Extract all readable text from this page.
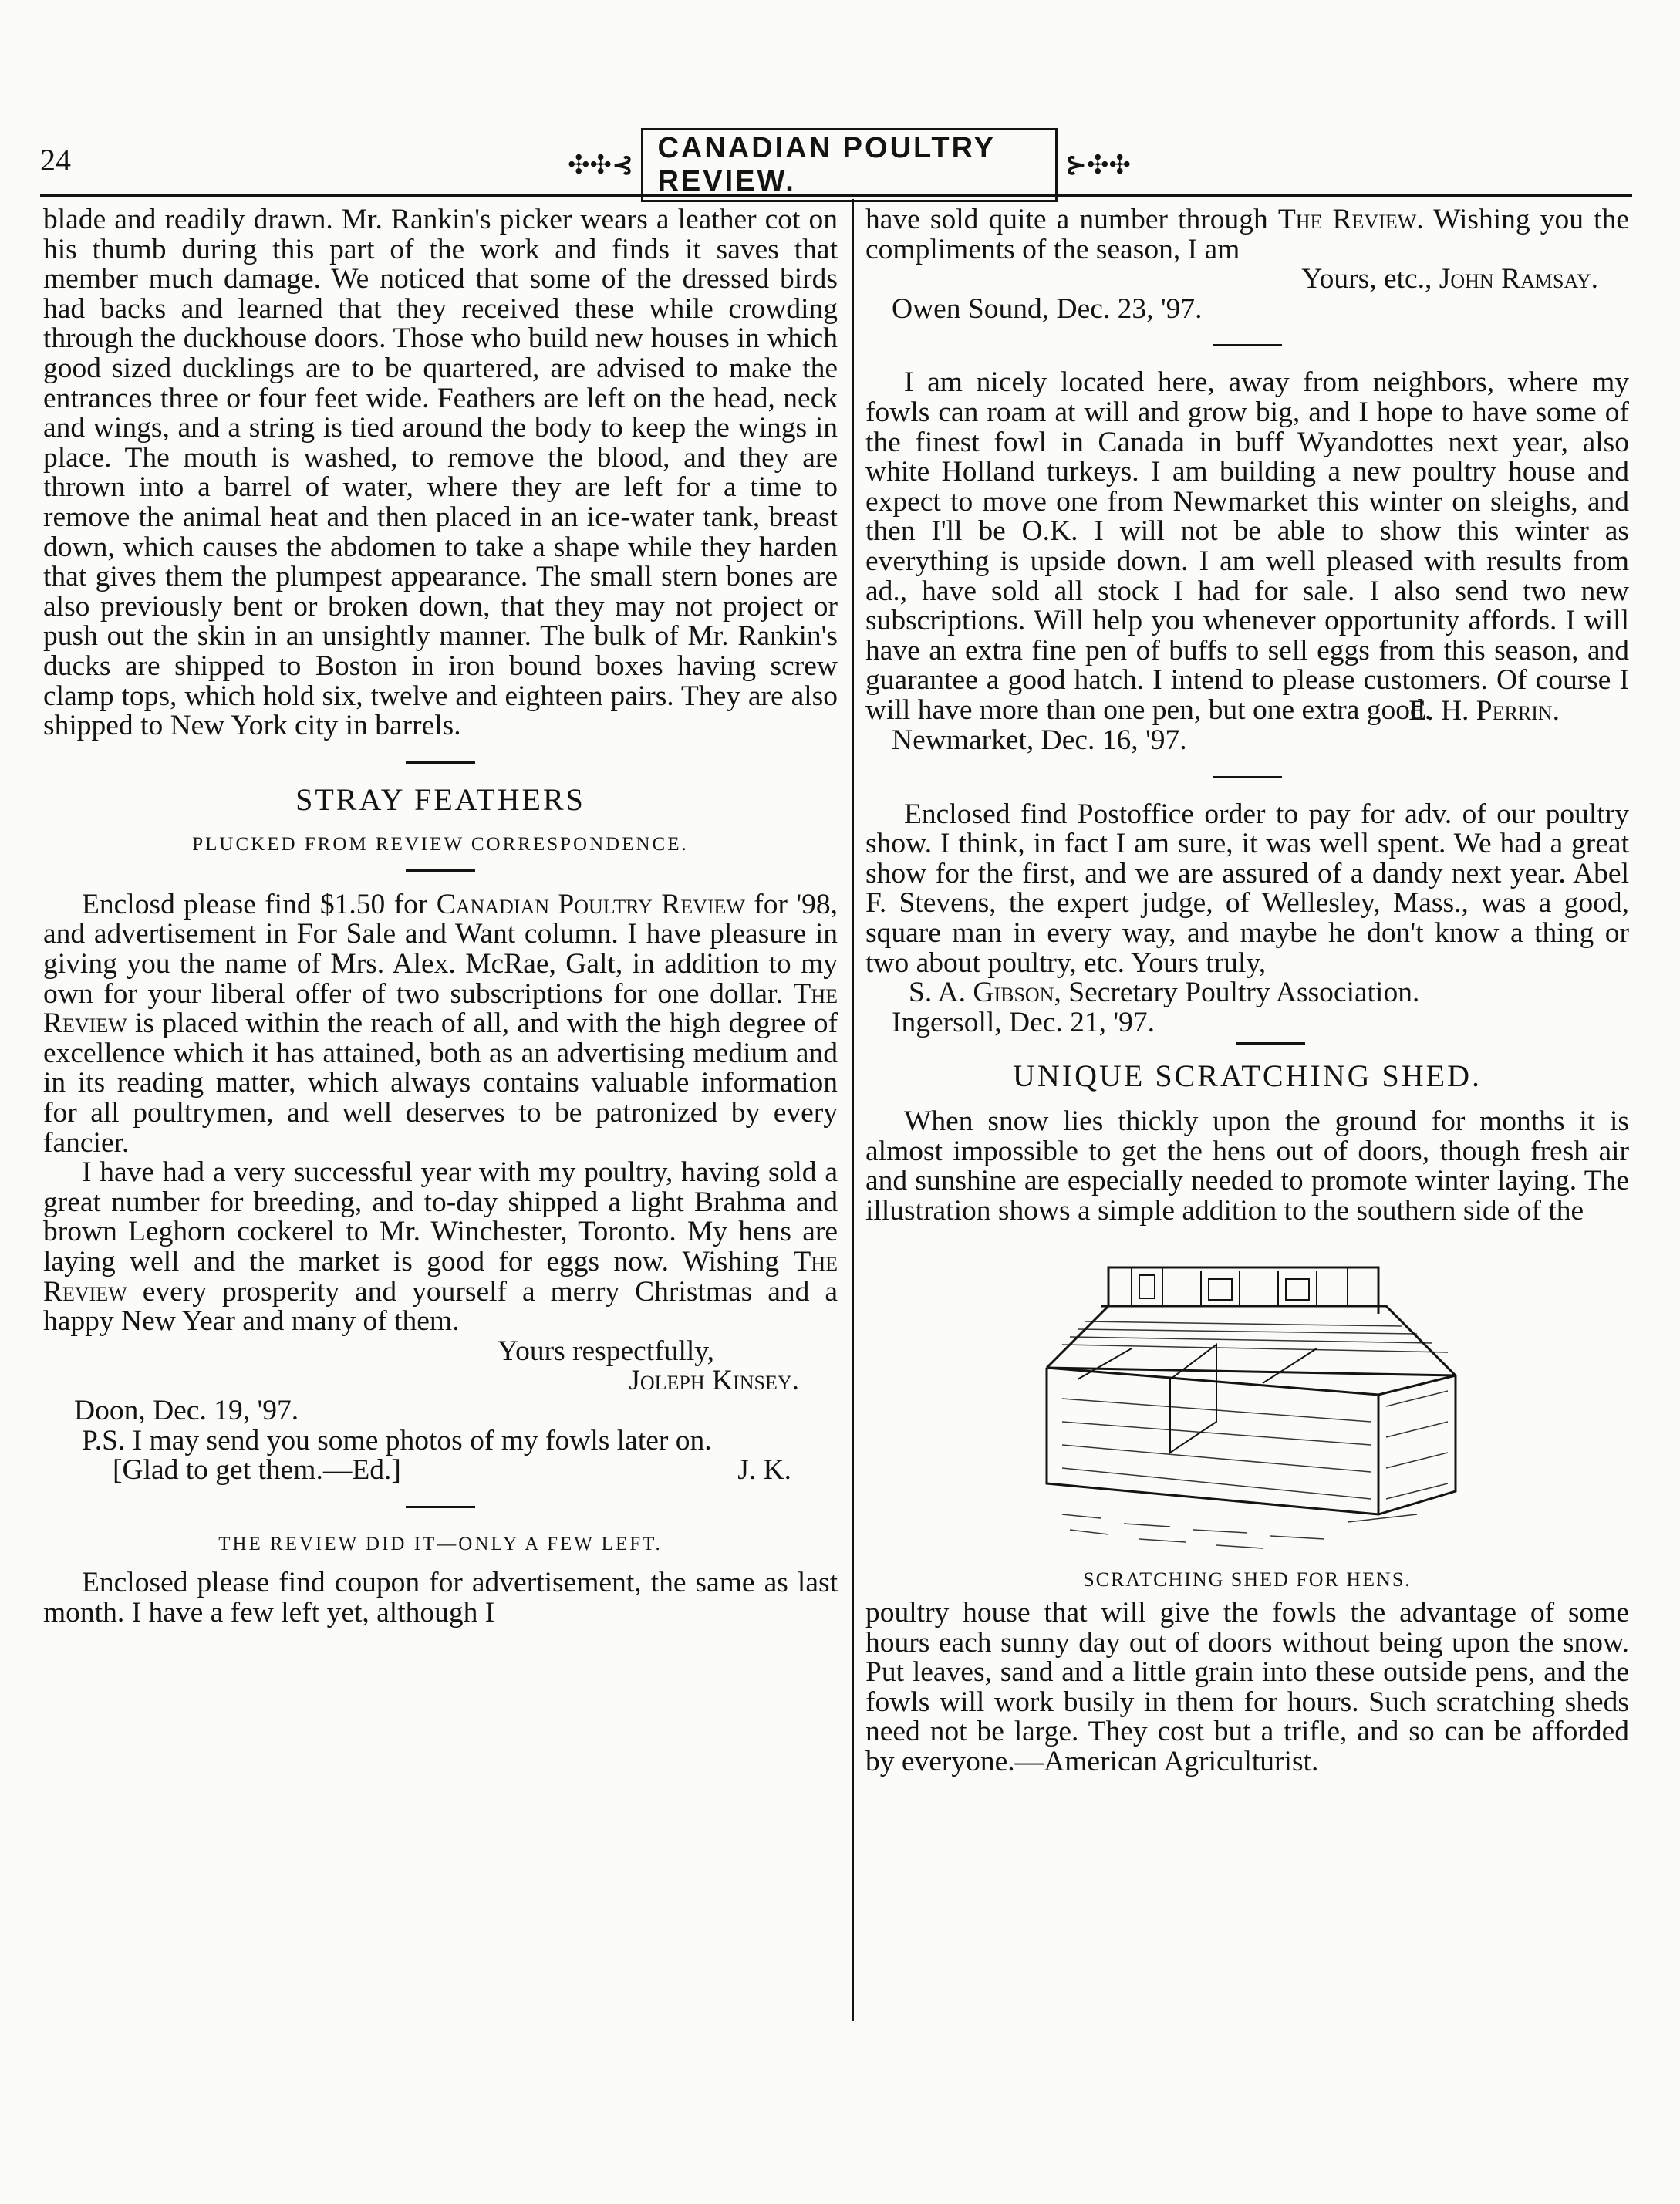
24	✣✣⊰
CANADIAN POULTRY REVIEW.	⊱✣✣

blade and readily drawn. Mr. Rankin's picker wears a leather cot on his thumb during this part of the work and finds it saves that member much damage. We noticed that some of the dressed birds had backs and learned that they received these while crowding through the duckhouse doors. Those who build new houses in which good sized ducklings are to be quartered, are advised to make the entrances three or four feet wide. Feathers are left on the head, neck and wings, and a string is tied around the body to keep the wings in place. The mouth is washed, to remove the blood, and they are thrown into a barrel of water, where they are left for a time to remove the animal heat and then placed in an ice-water tank, breast down, which causes the abdomen to take a shape while they harden that gives them the plumpest appearance. The small stern bones are also previously bent or broken down, that they may not project or push out the skin in an unsightly manner. The bulk of Mr. Rankin's ducks are shipped to Boston in iron bound boxes having screw clamp tops, which hold six, twelve and eighteen pairs. They are also shipped to New York city in barrels.

STRAY FEATHERS
PLUCKED FROM REVIEW CORRESPONDENCE.

Enclosd please find $1.50 for Canadian Poultry Review for '98, and advertisement in For Sale and Want column. I have pleasure in giving you the name of Mrs. Alex. McRae, Galt, in addition to my own for your liberal offer of two subscriptions for one dollar. The Review is placed within the reach of all, and with the high degree of excellence which it has attained, both as an advertising medium and in its reading matter, which always contains valuable information for all poultrymen, and well deserves to be patronized by every fancier.

I have had a very successful year with my poultry, having sold a great number for breeding, and to-day shipped a light Brahma and brown Leghorn cockerel to Mr. Winchester, Toronto. My hens are laying well and the market is good for eggs now. Wishing The Review every prosperity and yourself a merry Christmas and a happy New Year and many of them.

Yours respectfully,

Joleph Kinsey.

Doon, Dec. 19, '97.

P.S. I may send you some photos of my fowls later on.
J. K.

[Glad to get them.—Ed.]

THE REVIEW DID IT—ONLY A FEW LEFT.

Enclosed please find coupon for advertisement, the same as last month. I have a few left yet, although I

have sold quite a number through The Review. Wishing you the compliments of the season, I am

Yours, etc., John Ramsay.

Owen Sound, Dec. 23, '97.

I am nicely located here, away from neighbors, where my fowls can roam at will and grow big, and I hope to have some of the finest fowl in Canada in buff Wyandottes next year, also white Holland turkeys. I am building a new poultry house and expect to move one from Newmarket this winter on sleighs, and then I'll be O.K. I will not be able to show this winter as everything is upside down. I am well pleased with results from ad., have sold all stock I had for sale. I also send two new subscriptions. Will help you whenever opportunity affords. I will have an extra fine pen of buffs to sell eggs from this season, and guarantee a good hatch. I intend to please customers. Of course I will have more than one pen, but one extra good.

E. H. Perrin.

Newmarket, Dec. 16, '97.

Enclosed find Postoffice order to pay for adv. of our poultry show. I think, in fact I am sure, it was well spent. We had a great show for the first, and we are assured of a dandy next year. Abel F. Stevens, the expert judge, of Wellesley, Mass., was a good, square man in every way, and maybe he don't know a thing or two about poultry, etc. Yours truly,

S. A. Gibson, Secretary Poultry Association.

Ingersoll, Dec. 21, '97.

UNIQUE SCRATCHING SHED.

When snow lies thickly upon the ground for months it is almost impossible to get the hens out of doors, though fresh air and sunshine are especially needed to promote winter laying. The illustration shows a simple addition to the southern side of the

SCRATCHING SHED FOR HENS.

poultry house that will give the fowls the advantage of some hours each sunny day out of doors without being upon the snow. Put leaves, sand and a little grain into these outside pens, and the fowls will work busily in them for hours. Such scratching sheds need not be large. They cost but a trifle, and so can be afforded by everyone.—American Agriculturist.
